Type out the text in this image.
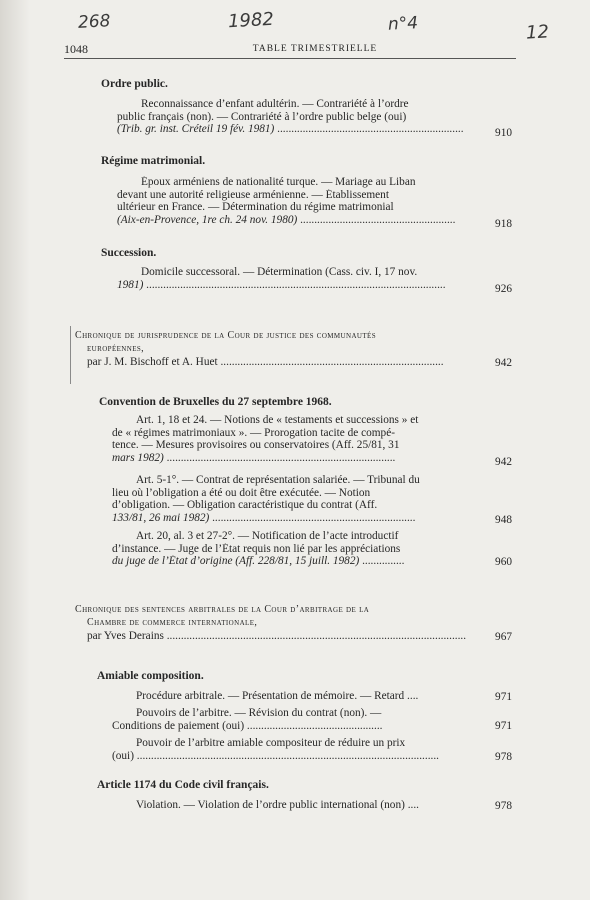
268	1982	n°4	12
1048	TABLE TRIMESTRIELLE
Ordre public.
Reconnaissance d’enfant adultérin. — Contrariété à l’ordre
public français (non). — Contrariété à l’ordre public belge (oui)
(Trib. gr. inst. Créteil 19 fév. 1981) ..................................................................	910
Régime matrimonial.
Époux arméniens de nationalité turque. — Mariage au Liban
devant une autorité religieuse arménienne. — Établissement
ultérieur en France. — Détermination du régime matrimonial
(Aix-en-Provence, 1re ch. 24 nov. 1980) .......................................................	918
Succession.
Domicile successoral. — Détermination (Cass. civ. I, 17 nov.
1981) ..........................................................................................................	926
Chronique de jurisprudence de la Cour de justice des communautés
européennes,
par J. M. Bischoff et A. Huet ...............................................................................	942
Convention de Bruxelles du 27 septembre 1968.
Art. 1, 18 et 24. — Notions de « testaments et successions » et
de « régimes matrimoniaux ». — Prorogation tacite de compé-
tence. — Mesures provisoires ou conservatoires (Aff. 25/81, 31
mars 1982) .................................................................................	942
Art. 5-1°. — Contrat de représentation salariée. — Tribunal du
lieu où l’obligation a été ou doit être exécutée. — Notion
d’obligation. — Obligation caractéristique du contrat (Aff.
133/81, 26 mai 1982) ........................................................................	948
Art. 20, al. 3 et 27-2°. — Notification de l’acte introductif
d’instance. — Juge de l’État requis non lié par les appréciations
du juge de l’État d’origine (Aff. 228/81, 15 juill. 1982) ...............	960
Chronique des sentences arbitrales de la Cour d’arbitrage de la
Chambre de commerce internationale,
par Yves Derains ..........................................................................................................	967
Amiable composition.
Procédure arbitrale. — Présentation de mémoire. — Retard ....	971
Pouvoirs de l’arbitre. — Révision du contrat (non). —
Conditions de paiement (oui) ................................................	971
Pouvoir de l’arbitre amiable compositeur de réduire un prix
(oui) ...........................................................................................................	978
Article 1174 du Code civil français.
Violation. — Violation de l’ordre public international (non) ....	978
